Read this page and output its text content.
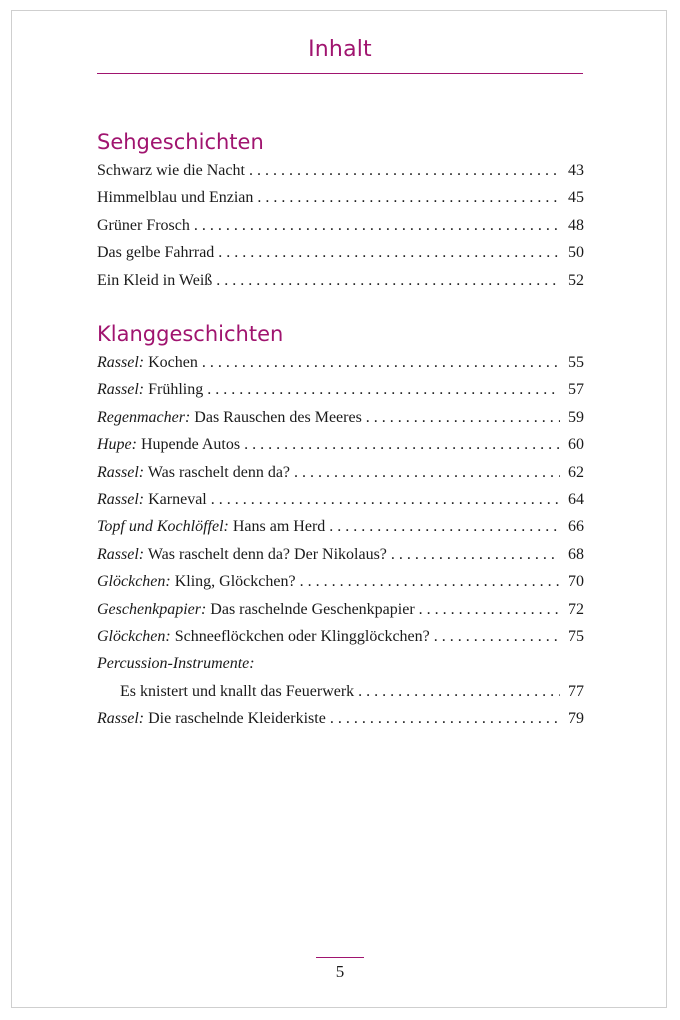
Inhalt
Sehgeschichten
Schwarz wie die Nacht . . .	43
Himmelblau und Enzian . . .	45
Grüner Frosch . . .	48
Das gelbe Fahrrad . . .	50
Ein Kleid in Weiß . . .	52
Klanggeschichten
Rassel: Kochen . . .	55
Rassel: Frühling . . .	57
Regenmacher: Das Rauschen des Meeres . . .	59
Hupe: Hupende Autos . . .	60
Rassel: Was raschelt denn da? . . .	62
Rassel: Karneval . . .	64
Topf und Kochlöffel: Hans am Herd . . .	66
Rassel: Was raschelt denn da? Der Nikolaus? . . .	68
Glöckchen: Kling, Glöckchen? . . .	70
Geschenkpapier: Das raschelnde Geschenkpapier . . .	72
Glöckchen: Schneeflöckchen oder Klingglöckchen? . . .	75
Percussion-Instrumente:
Es knistert und knallt das Feuerwerk . . .	77
Rassel: Die raschelnde Kleiderkiste . . .	79
5
